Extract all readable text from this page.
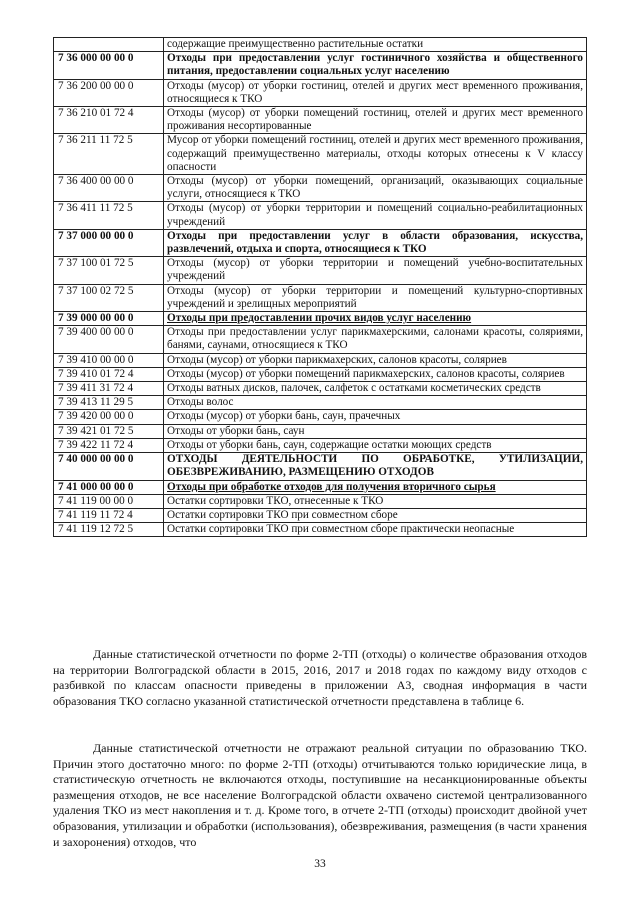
	содержащие преимущественно растительные остатки
7 36 000 00 00 0	Отходы при предоставлении услуг гостиничного хозяйства и общественного питания, предоставлении социальных услуг населению
7 36 200 00 00 0	Отходы (мусор) от уборки гостиниц, отелей и других мест временного проживания, относящиеся к ТКО
7 36 210 01 72 4	Отходы (мусор) от уборки помещений гостиниц, отелей и других мест временного проживания несортированные
7 36 211 11 72 5	Мусор от уборки помещений гостиниц, отелей и других мест временного проживания, содержащий преимущественно материалы, отходы которых отнесены к V классу опасности
7 36 400 00 00 0	Отходы (мусор) от уборки помещений, организаций, оказывающих социальные услуги, относящиеся к ТКО
7 36 411 11 72 5	Отходы (мусор) от уборки территории и помещений социально-реабилитационных учреждений
7 37 000 00 00 0	Отходы при предоставлении услуг в области образования, искусства, развлечений, отдыха и спорта, относящиеся к ТКО
7 37 100 01 72 5	Отходы (мусор) от уборки территории и помещений учебно-воспитательных учреждений
7 37 100 02 72 5	Отходы (мусор) от уборки территории и помещений культурно-спортивных учреждений и зрелищных мероприятий
7 39 000 00 00 0	Отходы при предоставлении прочих видов услуг населению
7 39 400 00 00 0	Отходы при предоставлении услуг парикмахерскими, салонами красоты, соляриями, банями, саунами, относящиеся к ТКО
7 39 410 00 00 0	Отходы (мусор) от уборки парикмахерских, салонов красоты, соляриев
7 39 410 01 72 4	Отходы (мусор) от уборки помещений парикмахерских, салонов красоты, соляриев
7 39 411 31 72 4	Отходы ватных дисков, палочек, салфеток с остатками косметических средств
7 39 413 11 29 5	Отходы волос
7 39 420 00 00 0	Отходы (мусор) от уборки бань, саун, прачечных
7 39 421 01 72 5	Отходы от уборки бань, саун
7 39 422 11 72 4	Отходы от уборки бань, саун, содержащие остатки моющих средств
7 40 000 00 00 0	ОТХОДЫ ДЕЯТЕЛЬНОСТИ ПО ОБРАБОТКЕ, УТИЛИЗАЦИИ, ОБЕЗВРЕЖИВАНИЮ, РАЗМЕЩЕНИЮ ОТХОДОВ
7 41 000 00 00 0	Отходы при обработке отходов для получения вторичного сырья
7 41 119 00 00 0	Остатки сортировки ТКО, отнесенные к ТКО
7 41 119 11 72 4	Остатки сортировки ТКО при совместном сборе
7 41 119 12 72 5	Остатки сортировки ТКО при совместном сборе практически неопасные

Данные статистической отчетности по форме 2-ТП (отходы) о количестве образования отходов на территории Волгоградской области в 2015, 2016, 2017 и 2018 годах по каждому виду отходов с разбивкой по классам опасности приведены в приложении А3, сводная информация в части образования ТКО согласно указанной статистической отчетности представлена в таблице 6.

Данные статистической отчетности не отражают реальной ситуации по образованию ТКО. Причин этого достаточно много: по форме 2-ТП (отходы) отчитываются только юридические лица, в статистическую отчетность не включаются отходы, поступившие на несанкционированные объекты размещения отходов, не все население Волгоградской области охвачено системой централизованного удаления ТКО из мест накопления и т. д. Кроме того, в отчете 2-ТП (отходы) происходит двойной учет образования, утилизации и обработки (использования), обезвреживания, размещения (в части хранения и захоронения) отходов, что

33
